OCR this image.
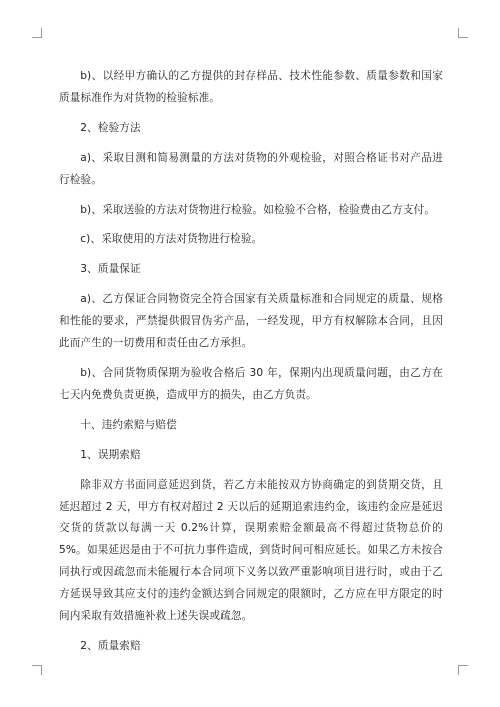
b)、以经甲方确认的乙方提供的封存样品、技术性能参数、质量参数和国家质量标准作为对货物的检验标准。

2、检验方法

a)、采取目测和简易测量的方法对货物的外观检验，对照合格证书对产品进行检验。

b)、采取送验的方法对货物进行检验。如检验不合格，检验费由乙方支付。

c)、采取使用的方法对货物进行检验。

3、质量保证

a)、乙方保证合同物资完全符合国家有关质量标准和合同规定的质量、规格和性能的要求，严禁提供假冒伪劣产品，一经发现，甲方有权解除本合同，且因此而产生的一切费用和责任由乙方承担。

b)、合同货物质保期为验收合格后 30 年，保期内出现质量问题，由乙方在七天内免费负责更换，造成甲方的损失，由乙方负责。

十、违约索赔与赔偿

1、误期索赔

除非双方书面同意延迟到货，若乙方未能按双方协商确定的到货期交货，且延迟超过 2 天，甲方有权对超过 2 天以后的延期追索违约金，该违约金应是延迟交货的货款以每满一天 0.2%计算，误期索赔金额最高不得超过货物总价的 5%。如果延迟是由于不可抗力事件造成，到货时间可相应延长。如果乙方未按合同执行或因疏忽而未能履行本合同项下义务以致严重影响项目进行时，或由于乙方延误导致其应支付的违约金额达到合同规定的限额时，乙方应在甲方限定的时间内采取有效措施补救上述失误或疏忽。

2、质量索赔
